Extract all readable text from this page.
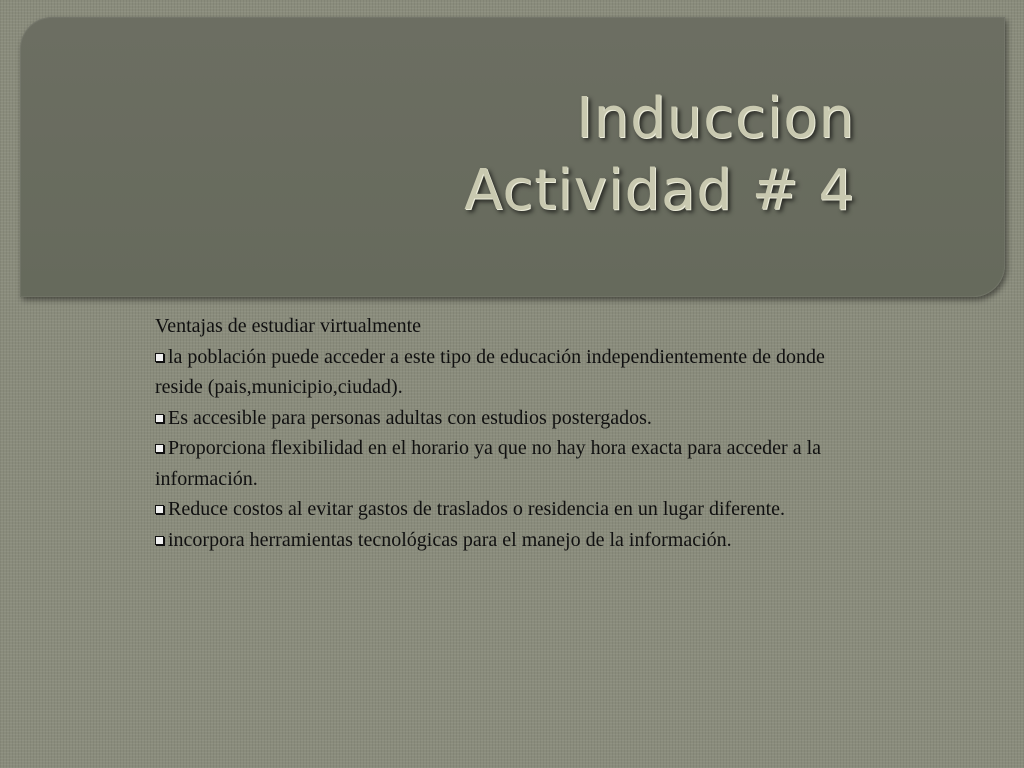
Induccion
Actividad # 4
Ventajas de estudiar virtualmente
la población puede acceder a este tipo de educación independientemente de donde reside (pais,municipio,ciudad).
Es accesible para personas adultas con estudios postergados.
Proporciona flexibilidad en el horario ya que no hay hora exacta para acceder a la información.
Reduce costos al evitar gastos de traslados o residencia en un lugar diferente.
incorpora herramientas tecnológicas para el manejo de la información.
